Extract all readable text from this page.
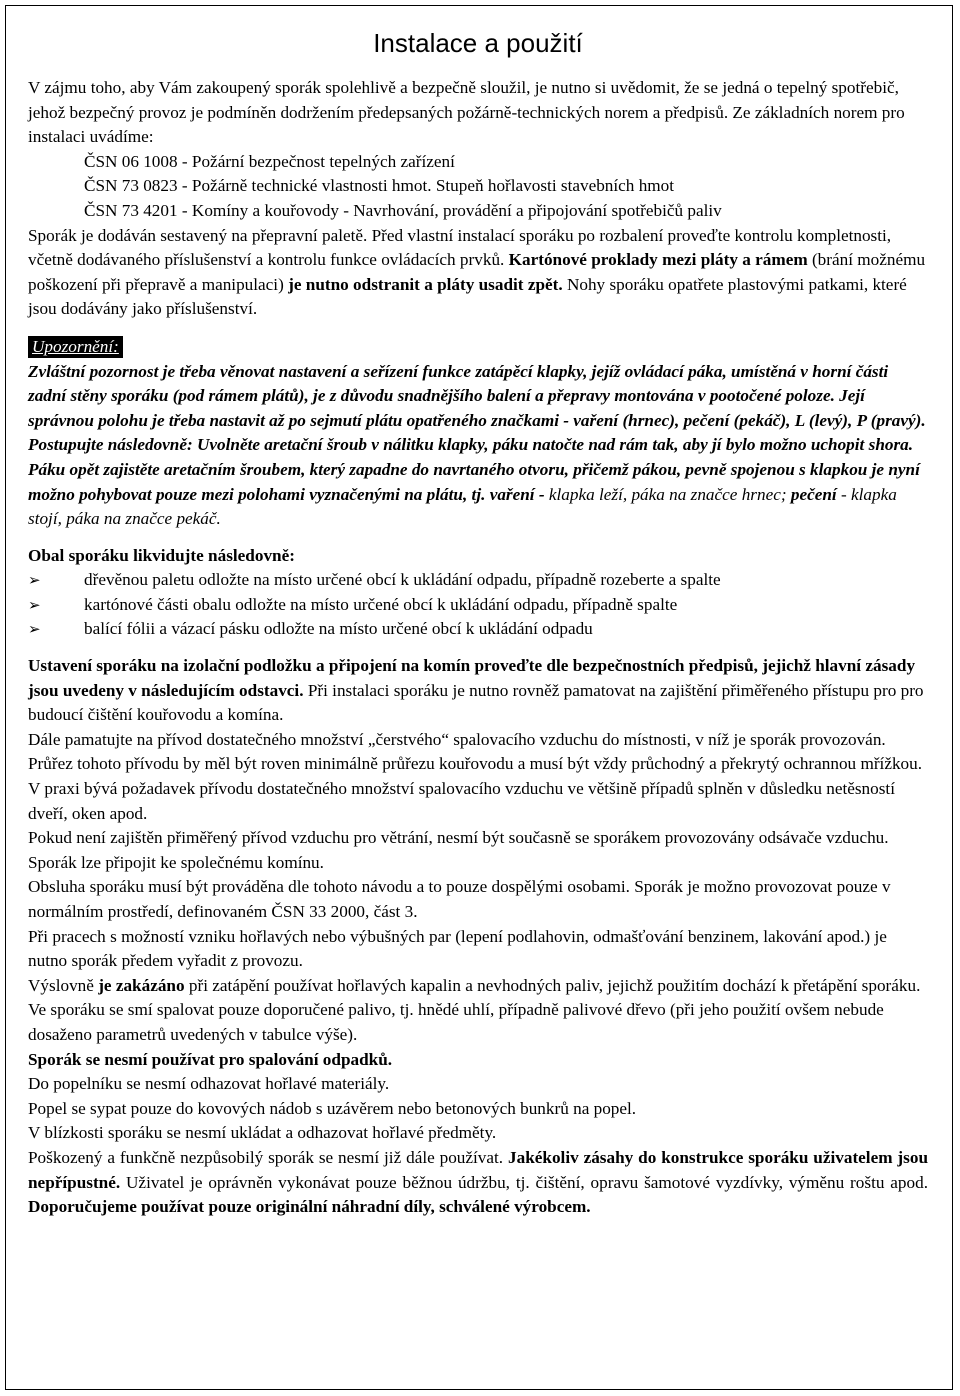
Instalace a použití

V zájmu toho, aby Vám zakoupený sporák spolehlivě a bezpečně sloužil, je nutno si uvědomit, že se jedná o tepelný spotřebič, jehož bezpečný provoz je podmíněn dodržením předepsaných požárně-technických norem a předpisů. Ze základních norem pro instalaci uvádíme:

ČSN 06 1008 - Požární bezpečnost tepelných zařízení

ČSN 73 0823 - Požárně technické vlastnosti hmot. Stupeň hořlavosti stavebních hmot

ČSN 73 4201 - Komíny a kouřovody - Navrhování, provádění a připojování spotřebičů paliv

Sporák je dodáván sestavený na přepravní paletě. Před vlastní instalací sporáku po rozbalení proveďte kontrolu kompletnosti, včetně dodávaného příslušenství a kontrolu funkce ovládacích prvků. Kartónové proklady mezi pláty a rámem (brání možnému poškození při přepravě a manipulaci) je nutno odstranit a pláty usadit zpět. Nohy sporáku opatřete plastovými patkami, které jsou dodávány jako příslušenství.

Upozornění:

Zvláštní pozornost je třeba věnovat nastavení a seřízení funkce zatápěcí klapky, jejíž ovládací páka, umístěná v horní části zadní stěny sporáku (pod rámem plátů), je z důvodu snadnějšího balení a přepravy montována v pootočené poloze. Její správnou polohu je třeba nastavit až po sejmutí plátu opatřeného značkami - vaření (hrnec), pečení (pekáč), L (levý), P (pravý). Postupujte následovně: Uvolněte aretační šroub v nálitku klapky, páku natočte nad rám tak, aby jí bylo možno uchopit shora. Páku opět zajistěte aretačním šroubem, který zapadne do navrtaného otvoru, přičemž pákou, pevně spojenou s klapkou je nyní možno pohybovat pouze mezi polohami vyznačenými na plátu, tj. vaření - klapka leží, páka na značce hrnec; pečení - klapka stojí, páka na značce pekáč.

Obal sporáku likvidujte následovně:

➢	dřevěnou paletu odložte na místo určené obcí k ukládání odpadu, případně rozeberte a spalte
➢	kartónové části obalu odložte na místo určené obcí k ukládání odpadu, případně spalte
➢	balící fólii a vázací pásku odložte na místo určené obcí k ukládání odpadu

Ustavení sporáku na izolační podložku a připojení na komín proveďte dle bezpečnostních předpisů, jejichž hlavní zásady jsou uvedeny v následujícím odstavci. Při instalaci sporáku je nutno rovněž pamatovat na zajištění přiměřeného přístupu pro pro budoucí čištění kouřovodu a komína.

Dále pamatujte na přívod dostatečného množství „čerstvého“ spalovacího vzduchu do místnosti, v níž je sporák provozován. Průřez tohoto přívodu by měl být roven minimálně průřezu kouřovodu a musí být vždy průchodný a překrytý ochrannou mřížkou. V praxi bývá požadavek přívodu dostatečného množství spalovacího vzduchu ve většině případů splněn v důsledku netěsností dveří, oken apod.

Pokud není zajištěn přiměřený přívod vzduchu pro větrání, nesmí být současně se sporákem provozovány odsávače vzduchu.

Sporák lze připojit ke společnému komínu.

Obsluha sporáku musí být prováděna dle tohoto návodu a to pouze dospělými osobami. Sporák je možno provozovat pouze v normálním prostředí, definovaném ČSN 33 2000, část 3.

Při pracech s možností vzniku hořlavých nebo výbušných par (lepení podlahovin, odmašťování benzinem, lakování apod.) je nutno sporák předem vyřadit z provozu.

Výslovně je zakázáno při zatápění používat hořlavých kapalin a nevhodných paliv, jejichž použitím dochází k přetápění sporáku.

Ve sporáku se smí spalovat pouze doporučené palivo, tj. hnědé uhlí, případně palivové dřevo (při jeho použití ovšem nebude dosaženo parametrů uvedených v tabulce výše).

Sporák se nesmí používat pro spalování odpadků.

Do popelníku se nesmí odhazovat hořlavé materiály.

Popel se sypat pouze do kovových nádob s uzávěrem nebo betonových bunkrů na popel.

V blízkosti sporáku se nesmí ukládat a odhazovat hořlavé předměty.

Poškozený a funkčně nezpůsobilý sporák se nesmí již dále používat. Jakékoliv zásahy do konstrukce sporáku uživatelem jsou nepřípustné. Uživatel je oprávněn vykonávat pouze běžnou údržbu, tj. čištění, opravu šamotové vyzdívky, výměnu roštu apod. Doporučujeme používat pouze originální náhradní díly, schválené výrobcem.
